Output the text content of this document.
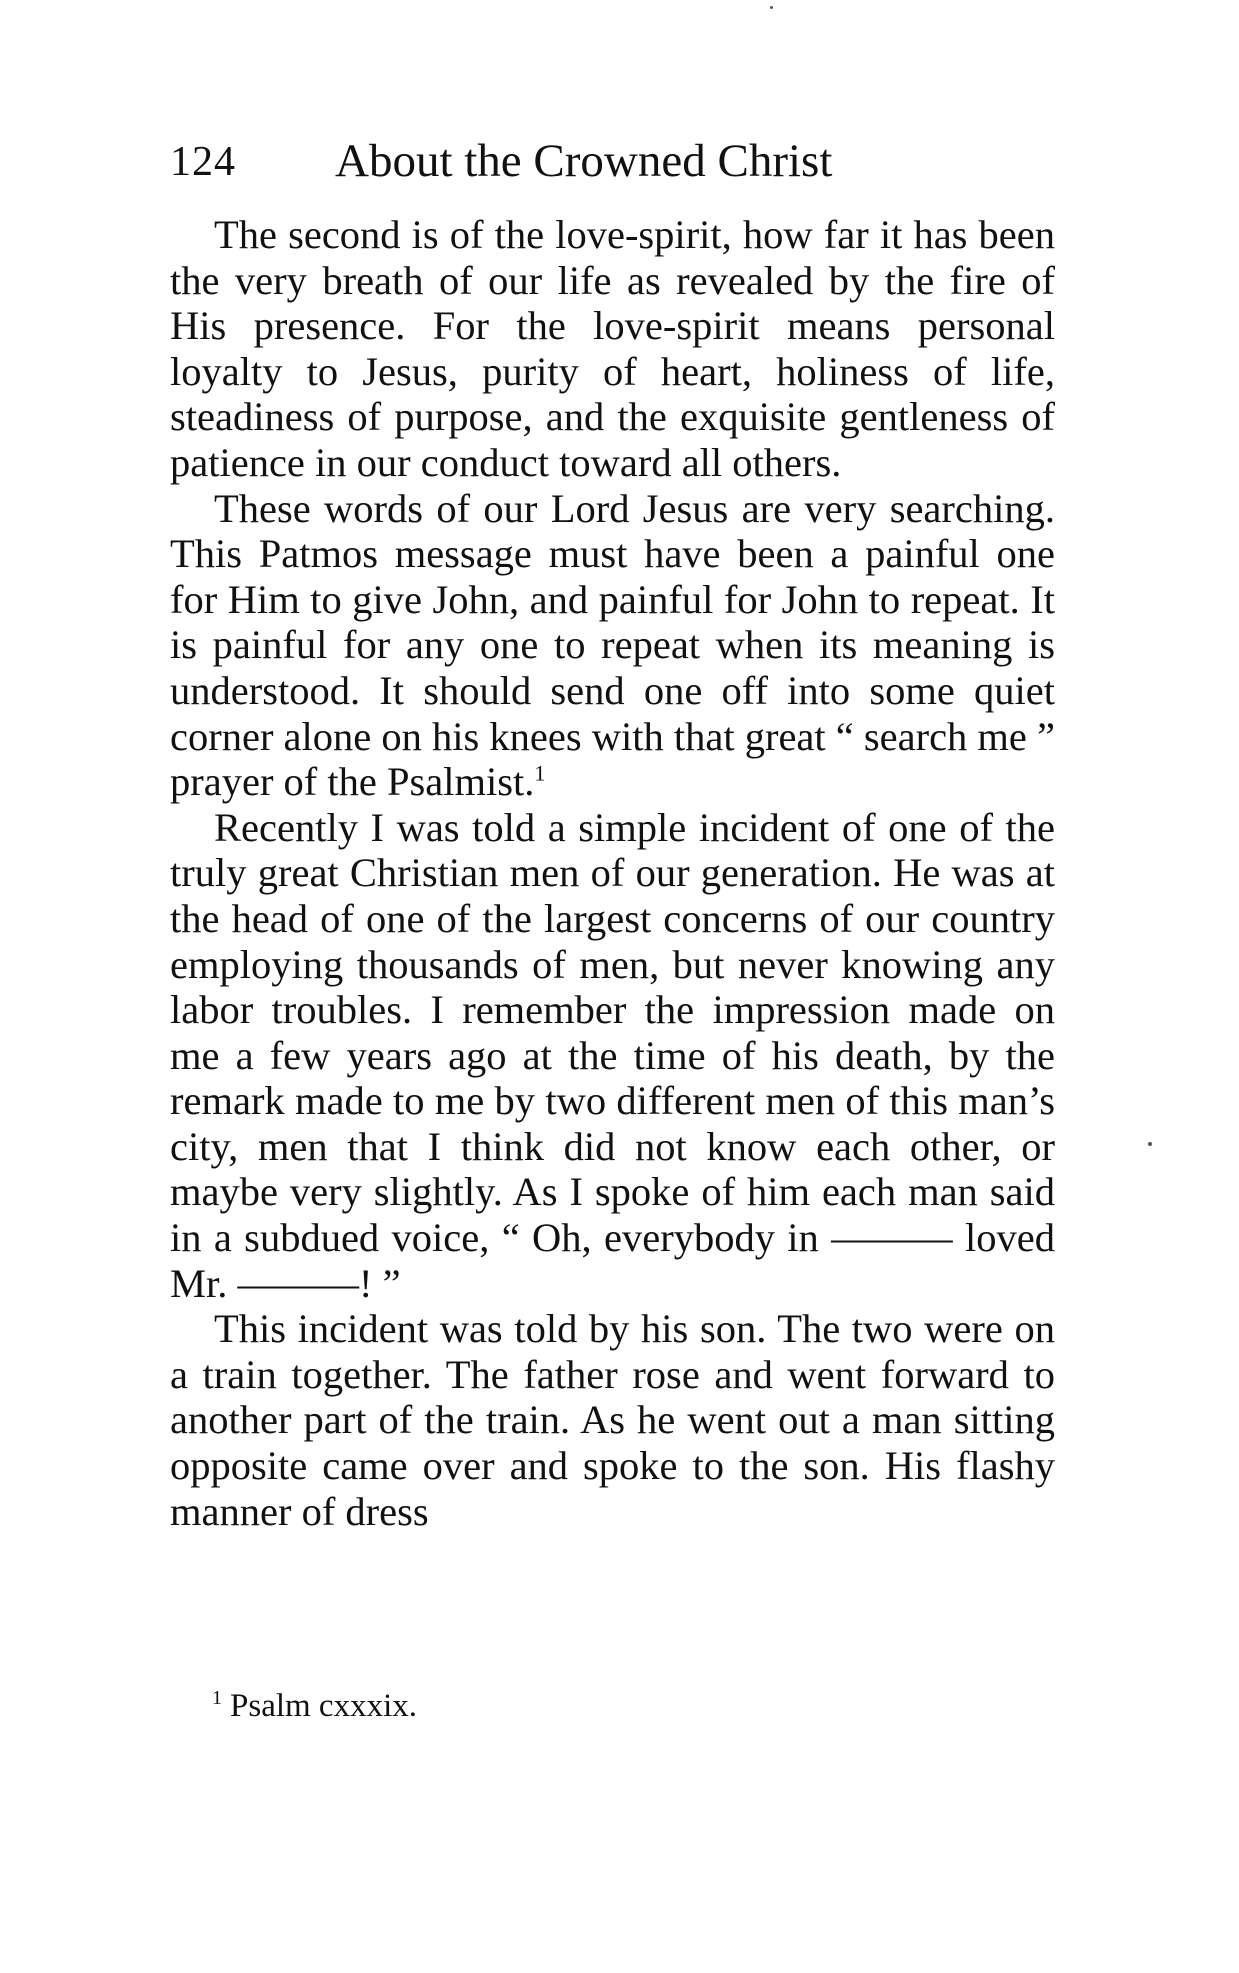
124 About the Crowned Christ

The second is of the love-spirit, how far it has been the very breath of our life as revealed by the fire of His presence. For the love-spirit means personal loyalty to Jesus, purity of heart, holiness of life, steadiness of purpose, and the exquisite gentleness of patience in our conduct toward all others.

These words of our Lord Jesus are very searching. This Patmos message must have been a painful one for Him to give John, and painful for John to repeat. It is painful for any one to repeat when its meaning is understood. It should send one off into some quiet corner alone on his knees with that great “ search me ” prayer of the Psalmist.$^1$

Recently I was told a simple incident of one of the truly great Christian men of our generation. He was at the head of one of the largest concerns of our country employing thousands of men, but never knowing any labor troubles. I remember the impression made on me a few years ago at the time of his death, by the remark made to me by two different men of this man’s city, men that I think did not know each other, or maybe very slightly. As I spoke of him each man said in a subdued voice, “ Oh, everybody in ——— loved Mr. ———! ”

This incident was told by his son. The two were on a train together. The father rose and went forward to another part of the train. As he went out a man sitting opposite came over and spoke to the son. His flashy manner of dress

$^1$ Psalm cxxxix.
